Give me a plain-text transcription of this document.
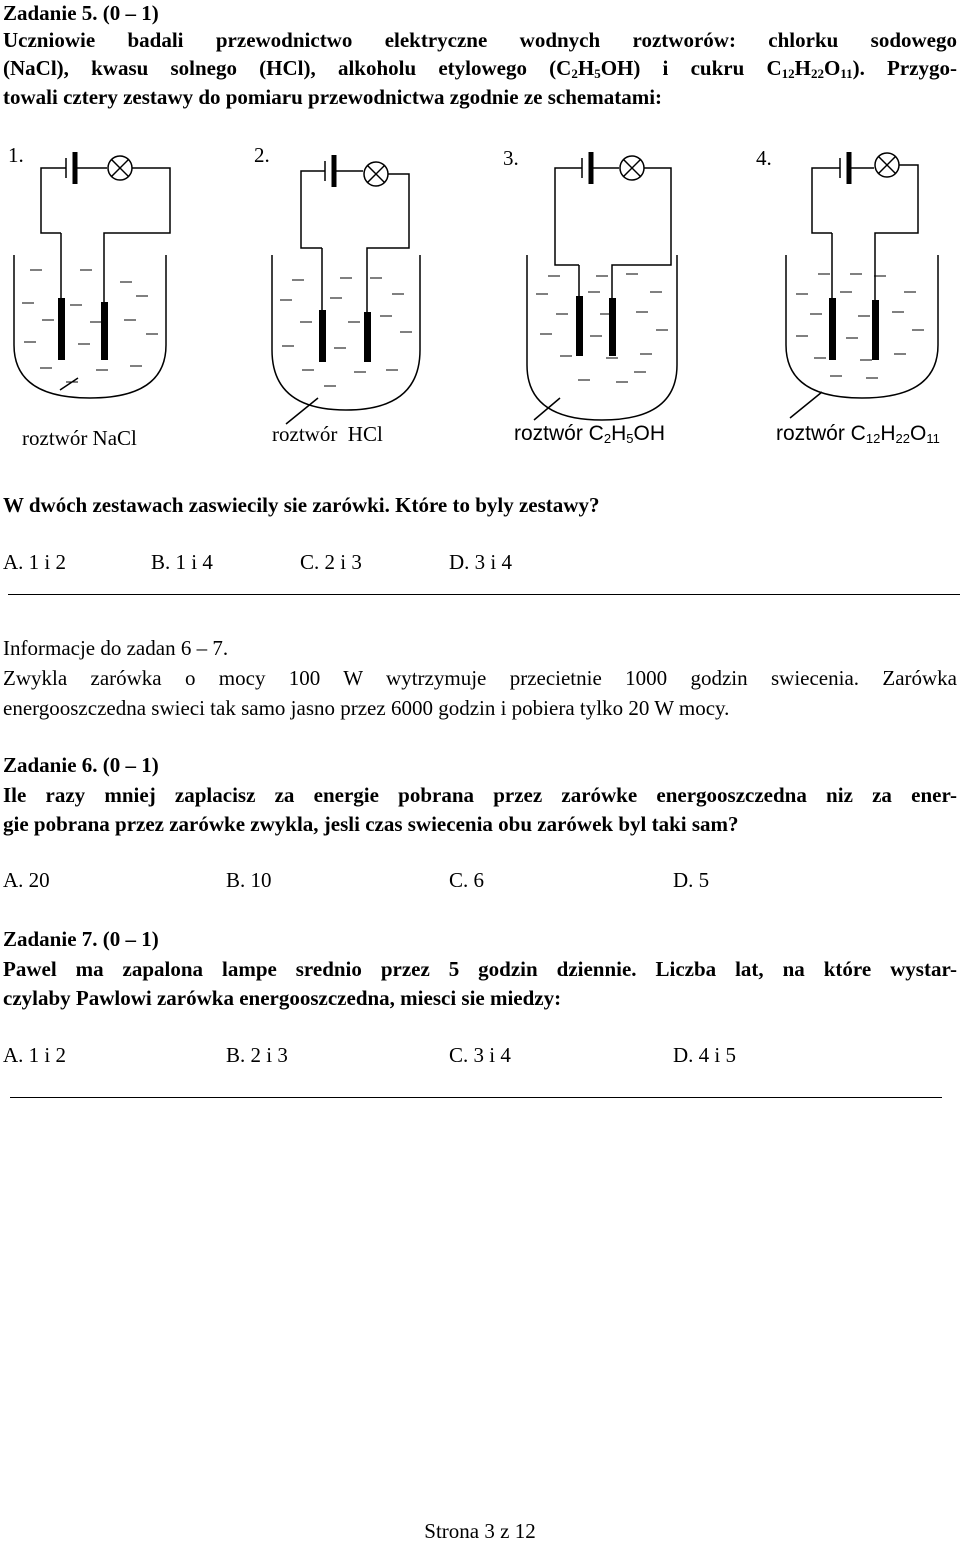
Zadanie 5. (0 – 1)
Uczniowie badali przewodnictwo elektryczne wodnych roztworów: chlorku sodowego
(NaCl), kwasu solnego (HCl), alkoholu etylowego $(C_2H_5OH)$ i cukru $C_{12}H_{22}O_{11}$). Przygo-
towali cztery zestawy do pomiaru przewodnictwa zgodnie ze schematami:
1.	2.	3.	4.
roztwór NaCl	roztwór  HCl	roztwór $C_2H_5OH$	roztwór $C_{12}H_{22}O_{11}$
W dwóch zestawach zaswiecily sie zarówki. Które to byly zestawy?
A. 1 i 2	B. 1 i 4	C. 2 i 3	D. 3 i 4
Informacje do zadan 6 – 7.
Zwykla zarówka o mocy 100 W wytrzymuje przecietnie 1000 godzin swiecenia. Zarówka
energooszczedna swieci tak samo jasno przez 6000 godzin i pobiera tylko 20 W mocy.
Zadanie 6. (0 – 1)
Ile razy mniej zaplacisz za energie pobrana przez zarówke energooszczedna niz za ener-
gie pobrana przez zarówke zwykla, jesli czas swiecenia obu zarówek byl taki sam?
A. 20	B. 10	C. 6	D. 5
Zadanie 7. (0 – 1)
Pawel ma zapalona lampe srednio przez 5 godzin dziennie. Liczba lat, na które wystar-
czylaby Pawlowi zarówka energooszczedna, miesci sie miedzy:
A. 1 i 2	B. 2 i 3	C. 3 i 4	D. 4 i 5
Strona 3 z 12
